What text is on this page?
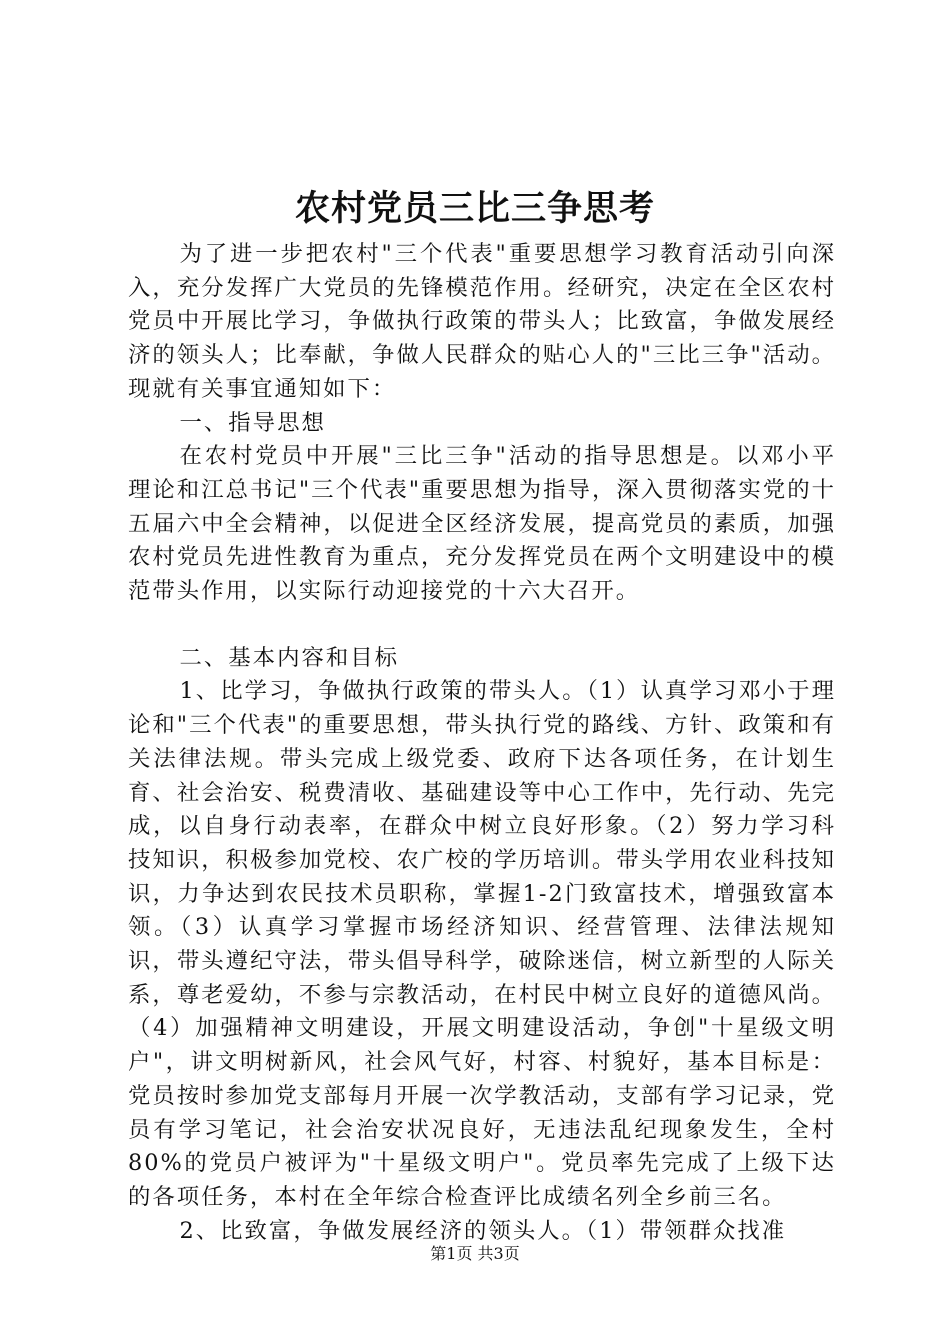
农村党员三比三争思考

为了进一步把农村"三个代表"重要思想学习教育活动引向深入，充分发挥广大党员的先锋模范作用。经研究，决定在全区农村党员中开展比学习，争做执行政策的带头人；比致富，争做发展经济的领头人；比奉献，争做人民群众的贴心人的"三比三争"活动。现就有关事宜通知如下：

一、指导思想

在农村党员中开展"三比三争"活动的指导思想是。以邓小平理论和江总书记"三个代表"重要思想为指导，深入贯彻落实党的十五届六中全会精神，以促进全区经济发展，提高党员的素质，加强农村党员先进性教育为重点，充分发挥党员在两个文明建设中的模范带头作用，以实际行动迎接党的十六大召开。

二、基本内容和目标

1、比学习，争做执行政策的带头人。（1）认真学习邓小于理论和"三个代表"的重要思想，带头执行党的路线、方针、政策和有关法律法规。带头完成上级党委、政府下达各项任务，在计划生育、社会治安、税费清收、基础建设等中心工作中，先行动、先完成，以自身行动表率，在群众中树立良好形象。（2）努力学习科技知识，积极参加党校、农广校的学历培训。带头学用农业科技知识，力争达到农民技术员职称，掌握1-2门致富技术，增强致富本领。（3）认真学习掌握市场经济知识、经营管理、法律法规知识，带头遵纪守法，带头倡导科学，破除迷信，树立新型的人际关系，尊老爱幼，不参与宗教活动，在村民中树立良好的道德风尚。（4）加强精神文明建设，开展文明建设活动，争创"十星级文明户"，讲文明树新风，社会风气好，村容、村貌好，基本目标是：党员按时参加党支部每月开展一次学教活动，支部有学习记录，党员有学习笔记，社会治安状况良好，无违法乱纪现象发生，全村80%的党员户被评为"十星级文明户"。党员率先完成了上级下达的各项任务，本村在全年综合检查评比成绩名列全乡前三名。

2、比致富，争做发展经济的领头人。（1）带领群众找准

第1页 共3页
